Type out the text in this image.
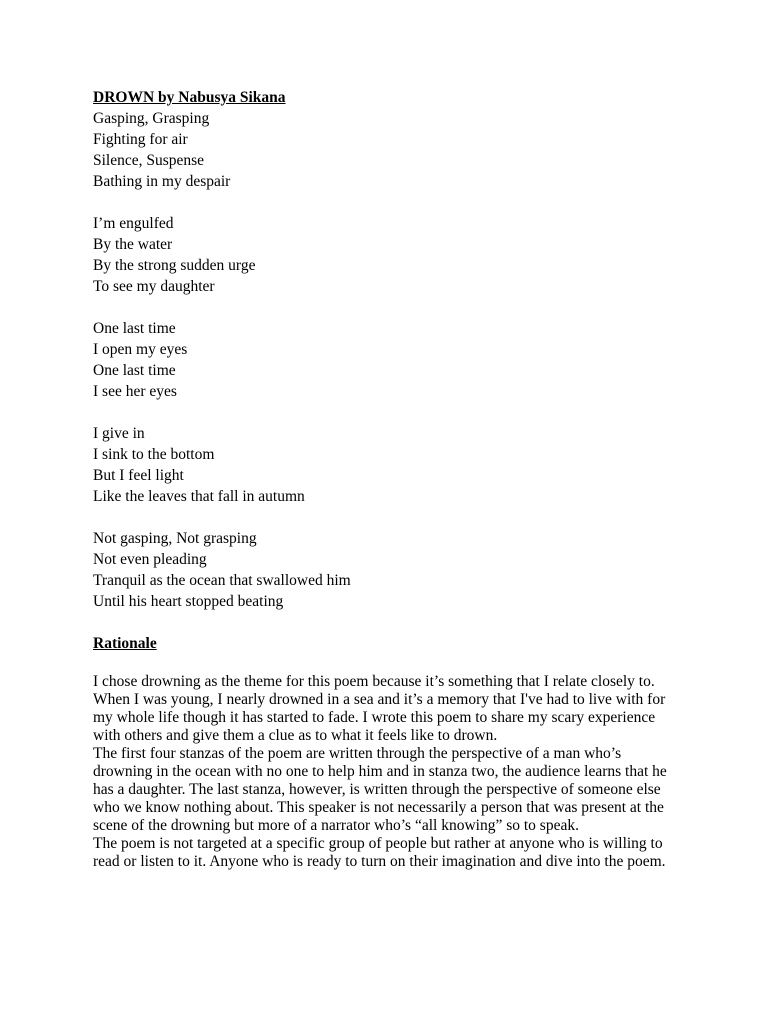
DROWN by Nabusya Sikana

Gasping, Grasping
Fighting for air
Silence, Suspense
Bathing in my despair
I’m engulfed
By the water
By the strong sudden urge
To see my daughter
One last time
I open my eyes
One last time
I see her eyes
I give in
I sink to the bottom
But I feel light
Like the leaves that fall in autumn
Not gasping, Not grasping
Not even pleading
Tranquil as the ocean that swallowed him
Until his heart stopped beating

Rationale

I chose drowning as the theme for this poem because it’s something that I relate closely to. When I was young, I nearly drowned in a sea and it’s a memory that I've had to live with for my whole life though it has started to fade. I wrote this poem to share my scary experience with others and give them a clue as to what it feels like to drown.

The first four stanzas of the poem are written through the perspective of a man who’s drowning in the ocean with no one to help him and in stanza two, the audience learns that he has a daughter. The last stanza, however, is written through the perspective of someone else who we know nothing about. This speaker is not necessarily a person that was present at the scene of the drowning but more of a narrator who’s “all knowing” so to speak.

The poem is not targeted at a specific group of people but rather at anyone who is willing to read or listen to it. Anyone who is ready to turn on their imagination and dive into the poem.
